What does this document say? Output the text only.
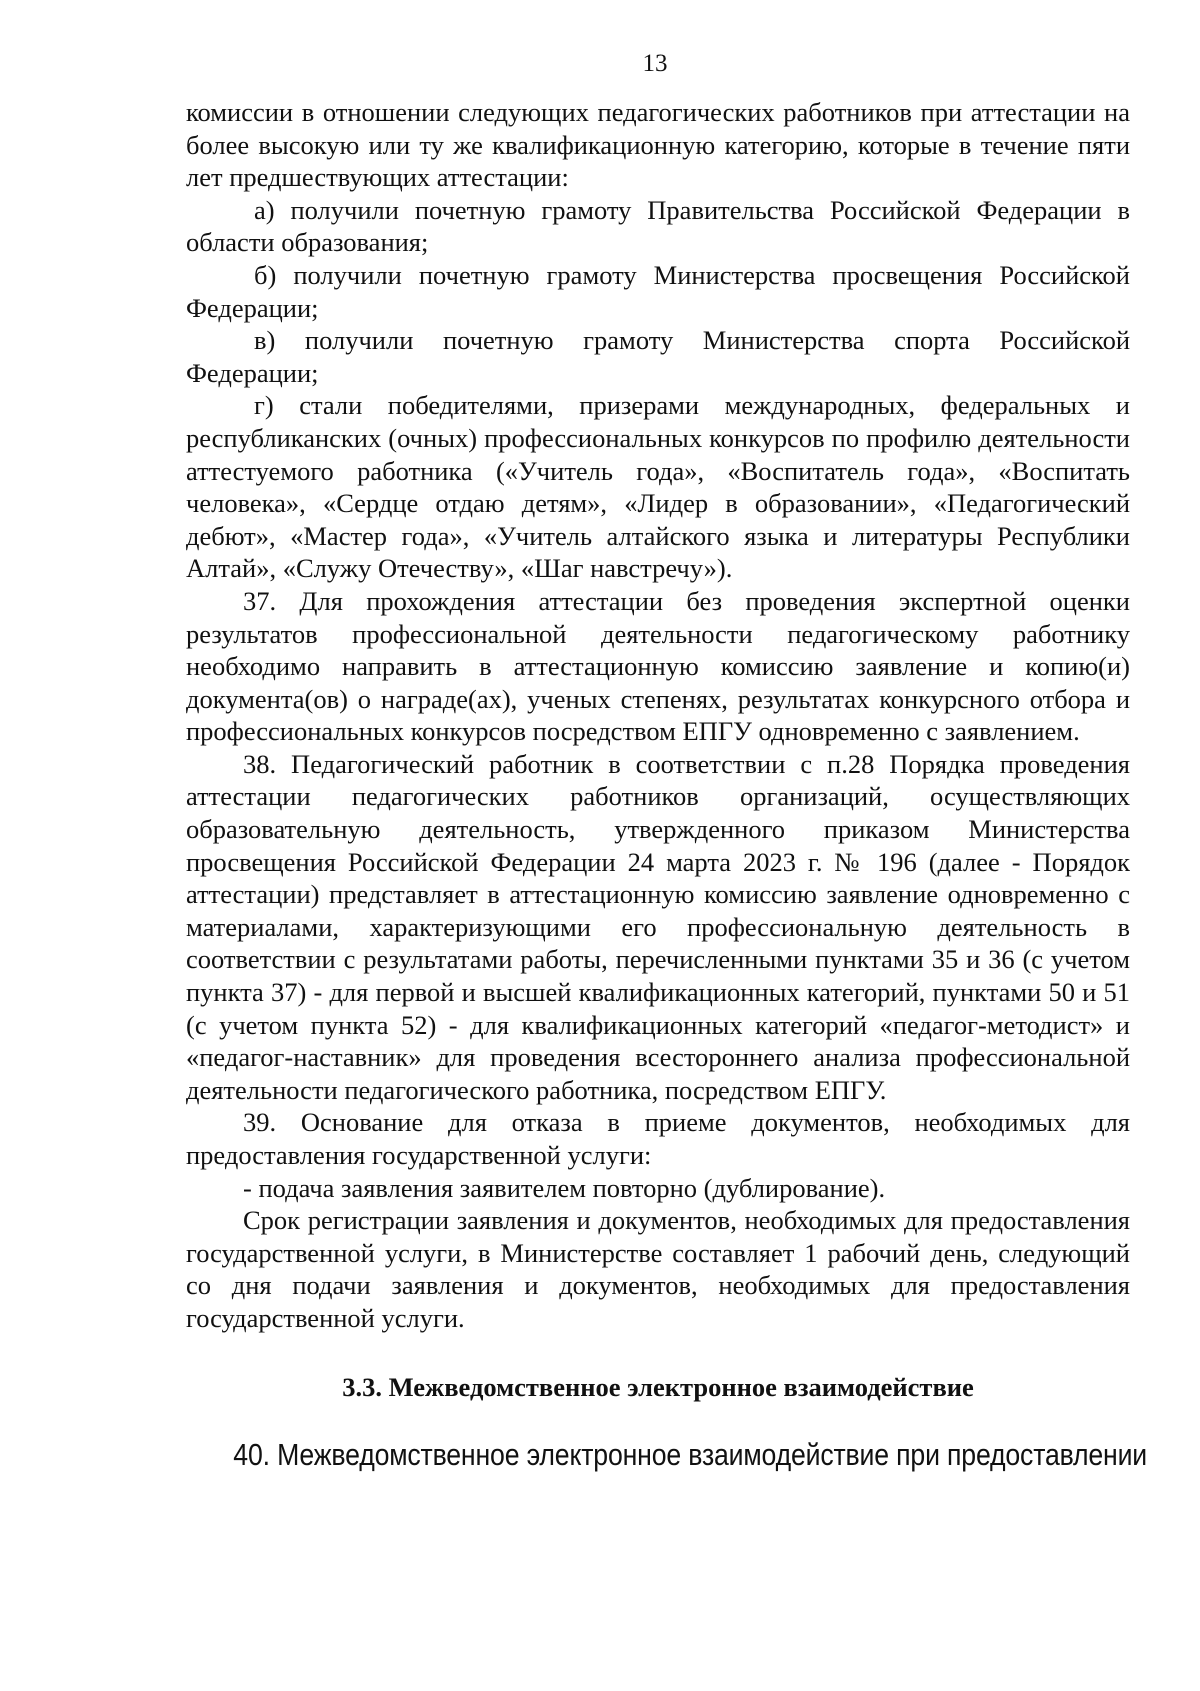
13

комиссии в отношении следующих педагогических работников при аттестации на более высокую или ту же квалификационную категорию, которые в течение пяти лет предшествующих аттестации:

а) получили почетную грамоту Правительства Российской Федерации в области образования;

б) получили почетную грамоту Министерства просвещения Российской Федерации;

в) получили почетную грамоту Министерства спорта Российской Федерации;

г) стали победителями, призерами международных, федеральных и республиканских (очных) профессиональных конкурсов по профилю деятельности аттестуемого работника («Учитель года», «Воспитатель года», «Воспитать человека», «Сердце отдаю детям», «Лидер в образовании», «Педагогический дебют», «Мастер года», «Учитель алтайского языка и литературы Республики Алтай», «Служу Отечеству», «Шаг навстречу»).

37. Для прохождения аттестации без проведения экспертной оценки результатов профессиональной деятельности педагогическому работнику необходимо направить в аттестационную комиссию заявление и копию(и) документа(ов) о награде(ах), ученых степенях, результатах конкурсного отбора и профессиональных конкурсов посредством ЕПГУ одновременно с заявлением.

38. Педагогический работник в соответствии с п.28 Порядка проведения аттестации педагогических работников организаций, осуществляющих образовательную деятельность, утвержденного приказом Министерства просвещения Российской Федерации 24 марта 2023 г. № 196 (далее - Порядок аттестации) представляет в аттестационную комиссию заявление одновременно с материалами, характеризующими его профессиональную деятельность в соответствии с результатами работы, перечисленными пунктами 35 и 36 (с учетом пункта 37) - для первой и высшей квалификационных категорий, пунктами 50 и 51 (с учетом пункта 52) - для квалификационных категорий «педагог-методист» и «педагог-наставник» для проведения всестороннего анализа профессиональной деятельности педагогического работника, посредством ЕПГУ.

39. Основание для отказа в приеме документов, необходимых для предоставления государственной услуги:

- подача заявления заявителем повторно (дублирование).

Срок регистрации заявления и документов, необходимых для предоставления государственной услуги, в Министерстве составляет 1 рабочий день, следующий со дня подачи заявления и документов, необходимых для предоставления государственной услуги.

3.3. Межведомственное электронное взаимодействие

40. Межведомственное электронное взаимодействие при предоставлении
